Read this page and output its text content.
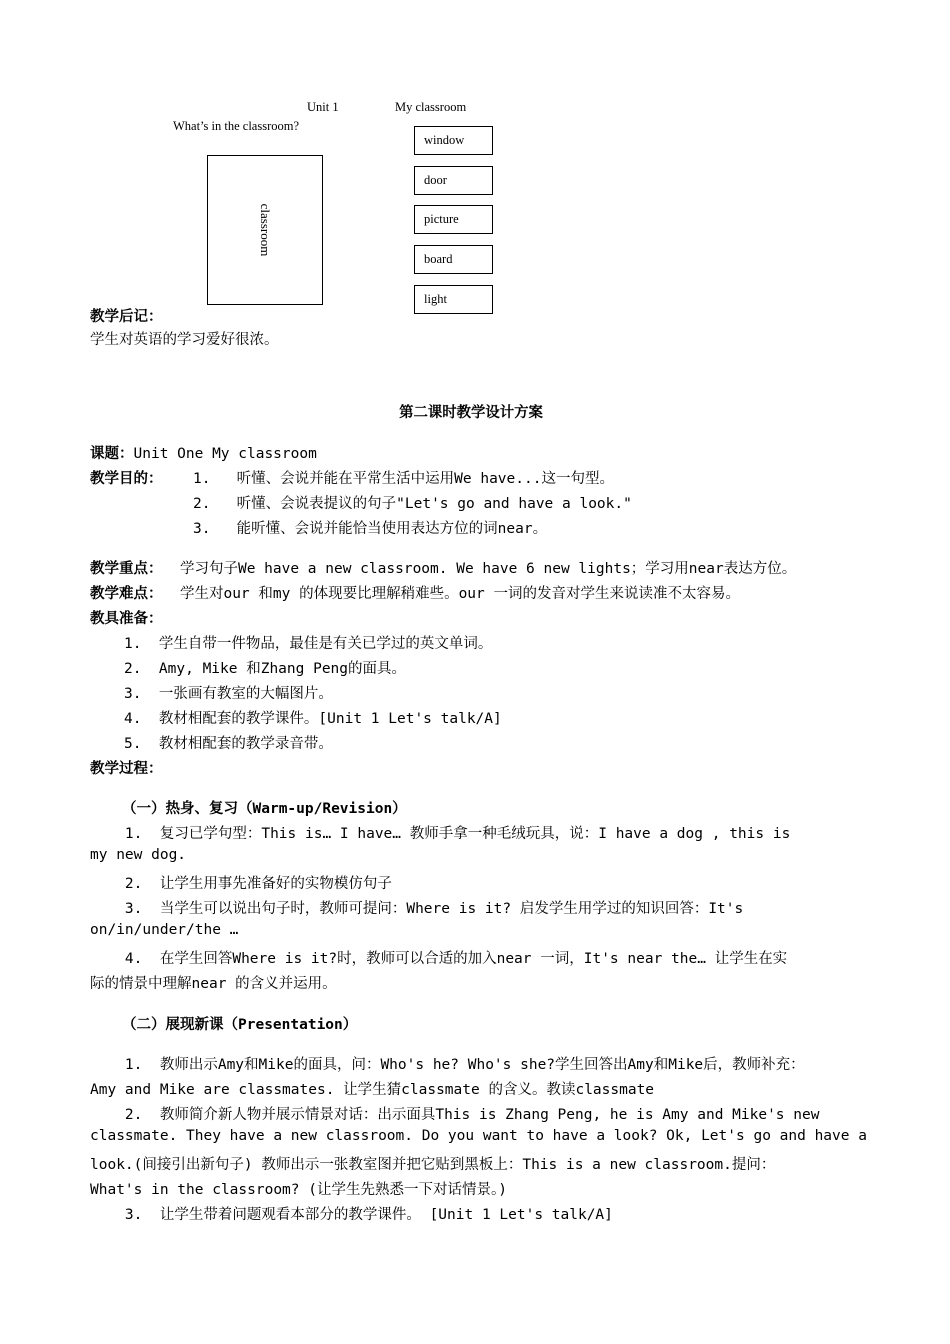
Unit 1	My classroom
What’s in the classroom?
classroom
window
door
picture
board
light
教学后记：
学生对英语的学习爱好很浓。
第二课时教学设计方案
课题：Unit One My classroom
教学目的： 1.   听懂、会说并能在平常生活中运用We have...这一句型。
2.   听懂、会说表提议的句子"Let's go and have a look."
3.   能听懂、会说并能恰当使用表达方位的词near。
教学重点： 学习句子We have a new classroom. We have 6 new lights；学习用near表达方位。
教学难点： 学生对our 和my 的体现要比理解稍难些。our 一词的发音对学生来说读准不太容易。
教具准备：
1.  学生自带一件物品，最佳是有关已学过的英文单词。
2.  Amy, Mike 和Zhang Peng的面具。
3.  一张画有教室的大幅图片。
4.  教材相配套的教学课件。[Unit 1 Let's talk/A]
5.  教材相配套的教学录音带。
教学过程：
（一）热身、复习（Warm-up/Revision）
1.  复习已学句型：This is… I have… 教师手拿一种毛绒玩具，说：I have a dog , this is
my new dog.
2.  让学生用事先准备好的实物模仿句子
3.  当学生可以说出句子时，教师可提问：Where is it? 启发学生用学过的知识回答：It's
on/in/under/the …
4.  在学生回答Where is it?时，教师可以合适的加入near 一词，It's near the… 让学生在实
际的情景中理解near 的含义并运用。
（二）展现新课（Presentation）
1.  教师出示Amy和Mike的面具，问：Who's he? Who's she?学生回答出Amy和Mike后，教师补充：
Amy and Mike are classmates. 让学生猜classmate 的含义。教读classmate
2.  教师简介新人物并展示情景对话：出示面具This is Zhang Peng, he is Amy and Mike's new
classmate. They have a new classroom. Do you want to have a look? Ok, Let's go and have a
look.(间接引出新句子) 教师出示一张教室图并把它贴到黑板上：This is a new classroom.提问：
What's in the classroom? (让学生先熟悉一下对话情景。)
3.  让学生带着问题观看本部分的教学课件。 [Unit 1 Let's talk/A]
